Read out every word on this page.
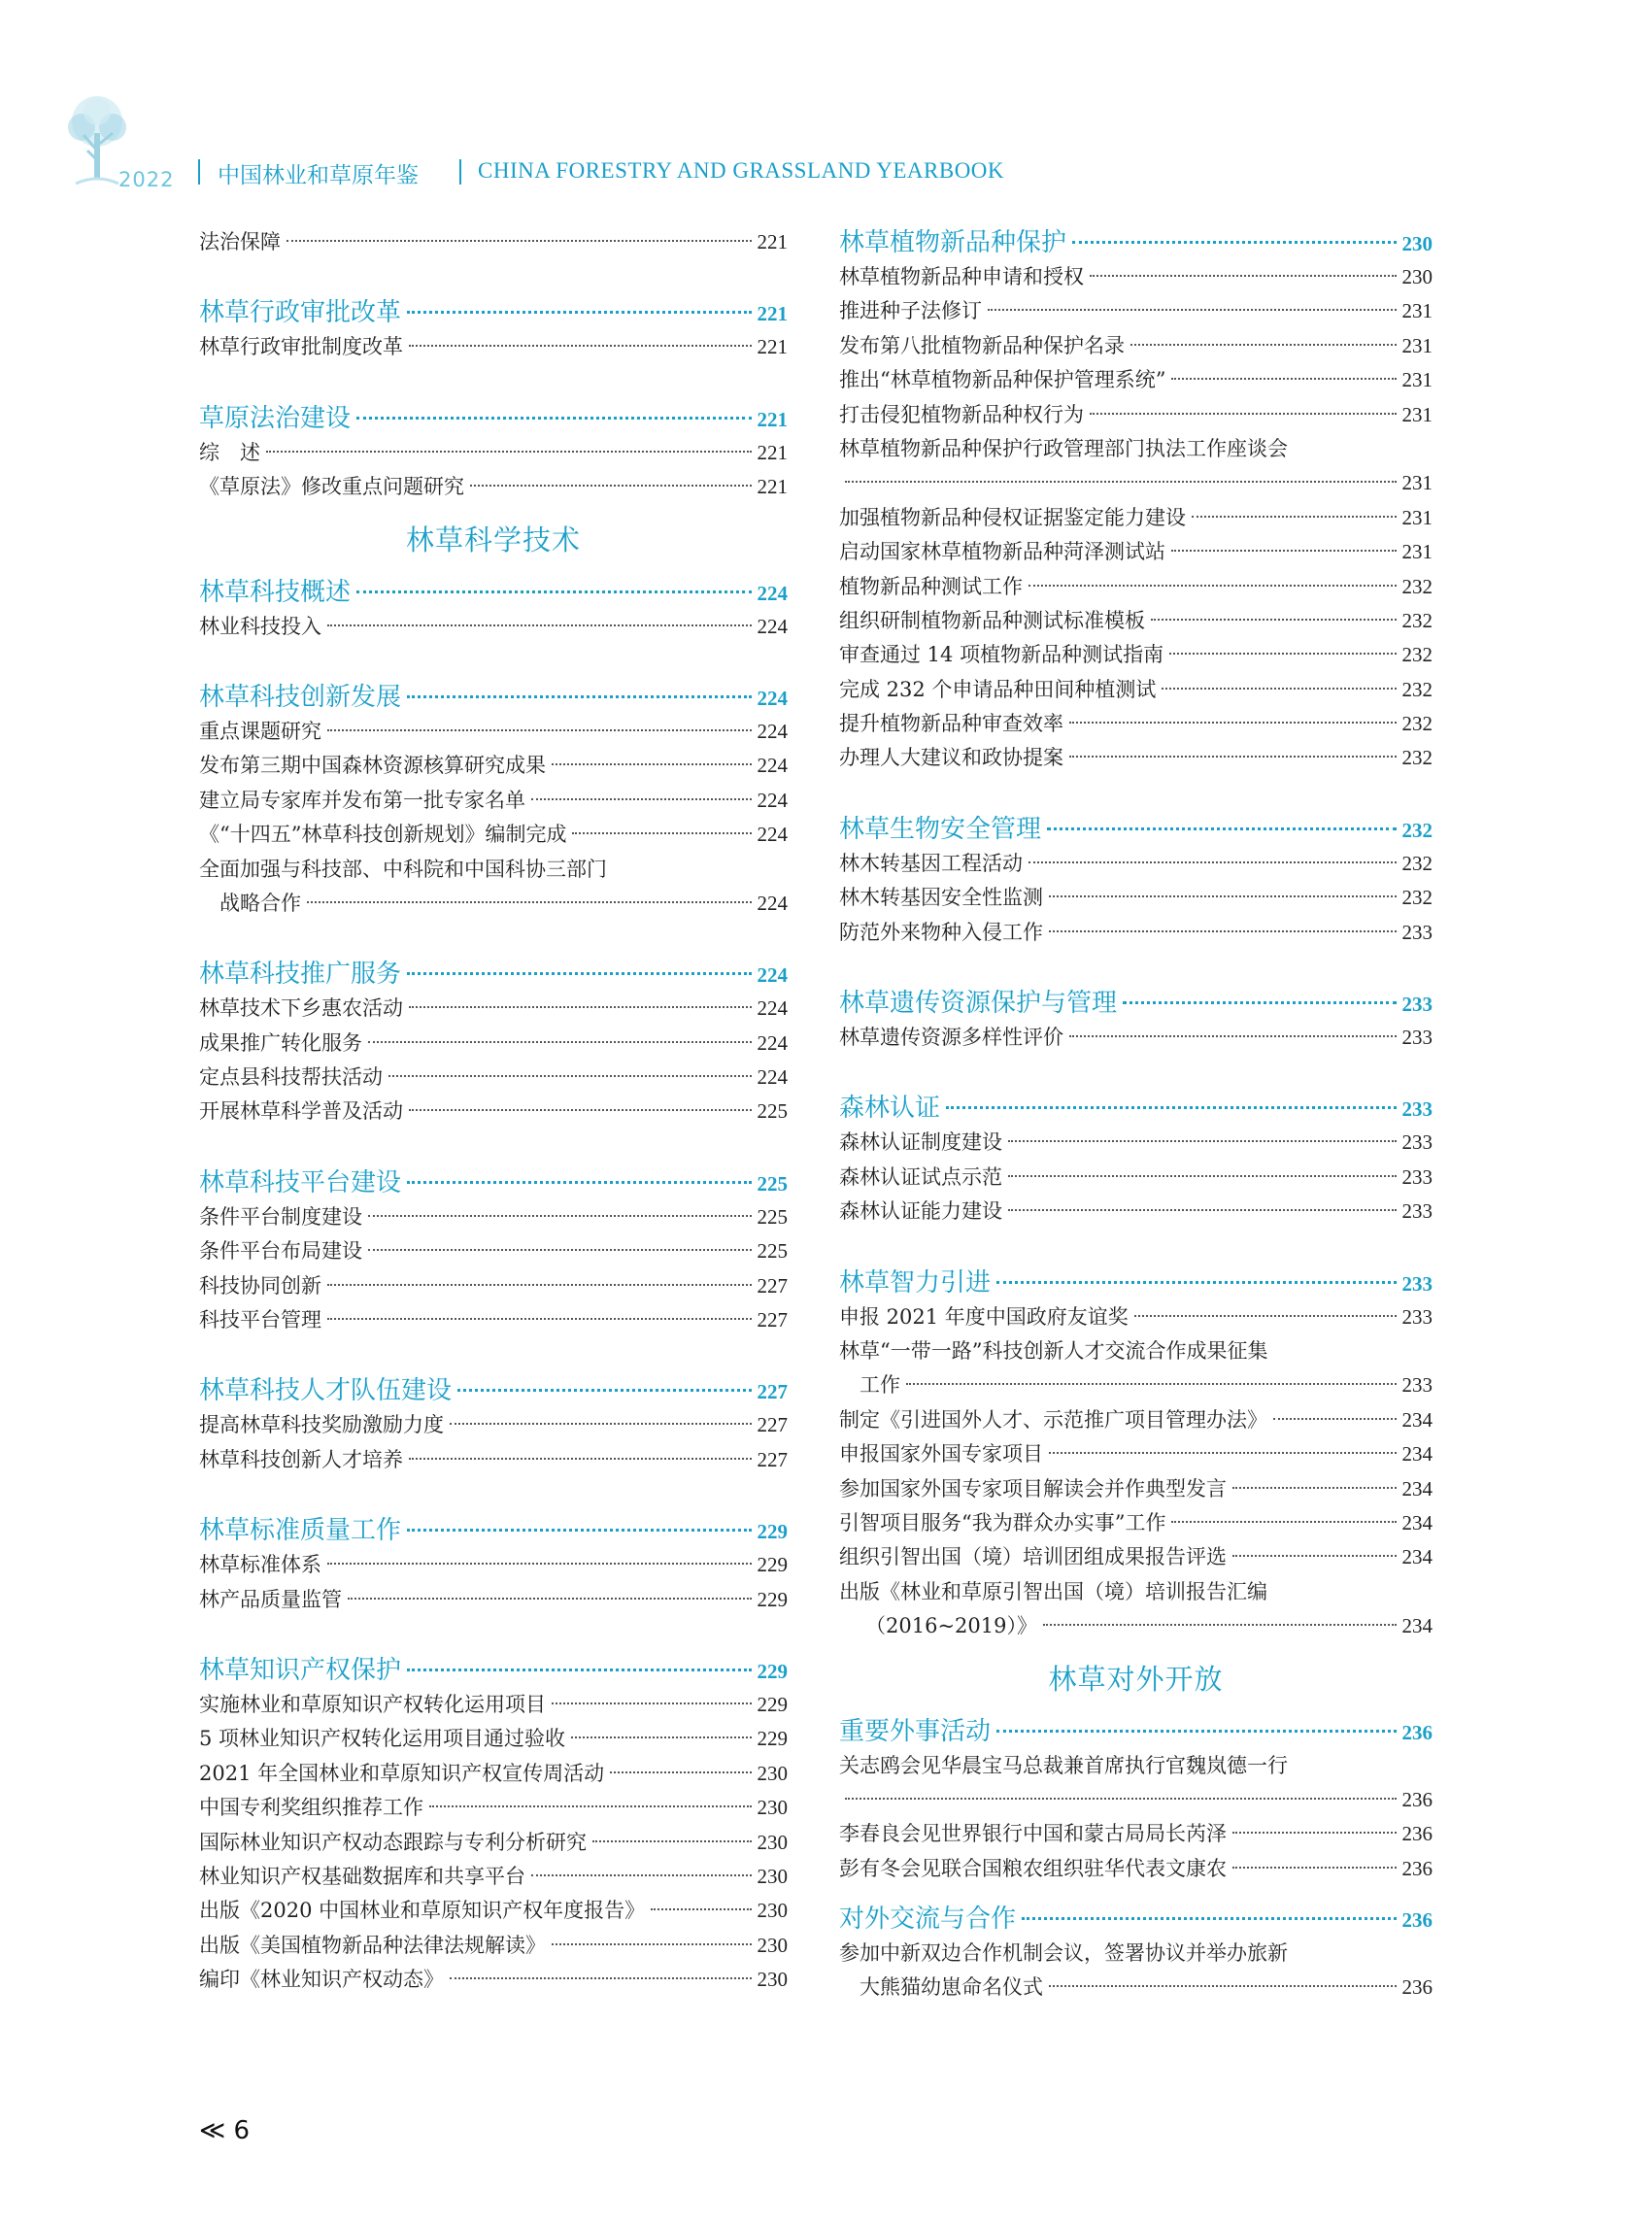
2022 中国林业和草原年鉴	CHINA FORESTRY AND GRASSLAND YEARBOOK
法治保障	221
林草行政审批改革	221
林草行政审批制度改革	221
草原法治建设	221
综　述	221
《草原法》修改重点问题研究	221
林草科学技术
林草科技概述	224
林业科技投入	224
林草科技创新发展	224
重点课题研究	224
发布第三期中国森林资源核算研究成果	224
建立局专家库并发布第一批专家名单	224
《“十四五”林草科技创新规划》编制完成	224
全面加强与科技部、中科院和中国科协三部门
战略合作	224
林草科技推广服务	224
林草技术下乡惠农活动	224
成果推广转化服务	224
定点县科技帮扶活动	224
开展林草科学普及活动	225
林草科技平台建设	225
条件平台制度建设	225
条件平台布局建设	225
科技协同创新	227
科技平台管理	227
林草科技人才队伍建设	227
提高林草科技奖励激励力度	227
林草科技创新人才培养	227
林草标准质量工作	229
林草标准体系	229
林产品质量监管	229
林草知识产权保护	229
实施林业和草原知识产权转化运用项目	229
5 项林业知识产权转化运用项目通过验收	229
2021 年全国林业和草原知识产权宣传周活动	230
中国专利奖组织推荐工作	230
国际林业知识产权动态跟踪与专利分析研究	230
林业知识产权基础数据库和共享平台	230
出版《2020 中国林业和草原知识产权年度报告》	230
出版《美国植物新品种法律法规解读》	230
编印《林业知识产权动态》	230
林草植物新品种保护	230
林草植物新品种申请和授权	230
推进种子法修订	231
发布第八批植物新品种保护名录	231
推出“林草植物新品种保护管理系统”	231
打击侵犯植物新品种权行为	231
林草植物新品种保护行政管理部门执法工作座谈会
231
加强植物新品种侵权证据鉴定能力建设	231
启动国家林草植物新品种菏泽测试站	231
植物新品种测试工作	232
组织研制植物新品种测试标准模板	232
审查通过 14 项植物新品种测试指南	232
完成 232 个申请品种田间种植测试	232
提升植物新品种审查效率	232
办理人大建议和政协提案	232
林草生物安全管理	232
林木转基因工程活动	232
林木转基因安全性监测	232
防范外来物种入侵工作	233
林草遗传资源保护与管理	233
林草遗传资源多样性评价	233
森林认证	233
森林认证制度建设	233
森林认证试点示范	233
森林认证能力建设	233
林草智力引进	233
申报 2021 年度中国政府友谊奖	233
林草“一带一路”科技创新人才交流合作成果征集
工作	233
制定《引进国外人才、示范推广项目管理办法》	234
申报国家外国专家项目	234
参加国家外国专家项目解读会并作典型发言	234
引智项目服务“我为群众办实事”工作	234
组织引智出国（境）培训团组成果报告评选	234
出版《林业和草原引智出国（境）培训报告汇编
（2016~2019）》	234
林草对外开放
重要外事活动	236
关志鸥会见华晨宝马总裁兼首席执行官魏岚德一行
236
李春良会见世界银行中国和蒙古局局长芮泽	236
彭有冬会见联合国粮农组织驻华代表文康农	236
对外交流与合作	236
参加中新双边合作机制会议，签署协议并举办旅新
大熊猫幼崽命名仪式	236
≪ 6
